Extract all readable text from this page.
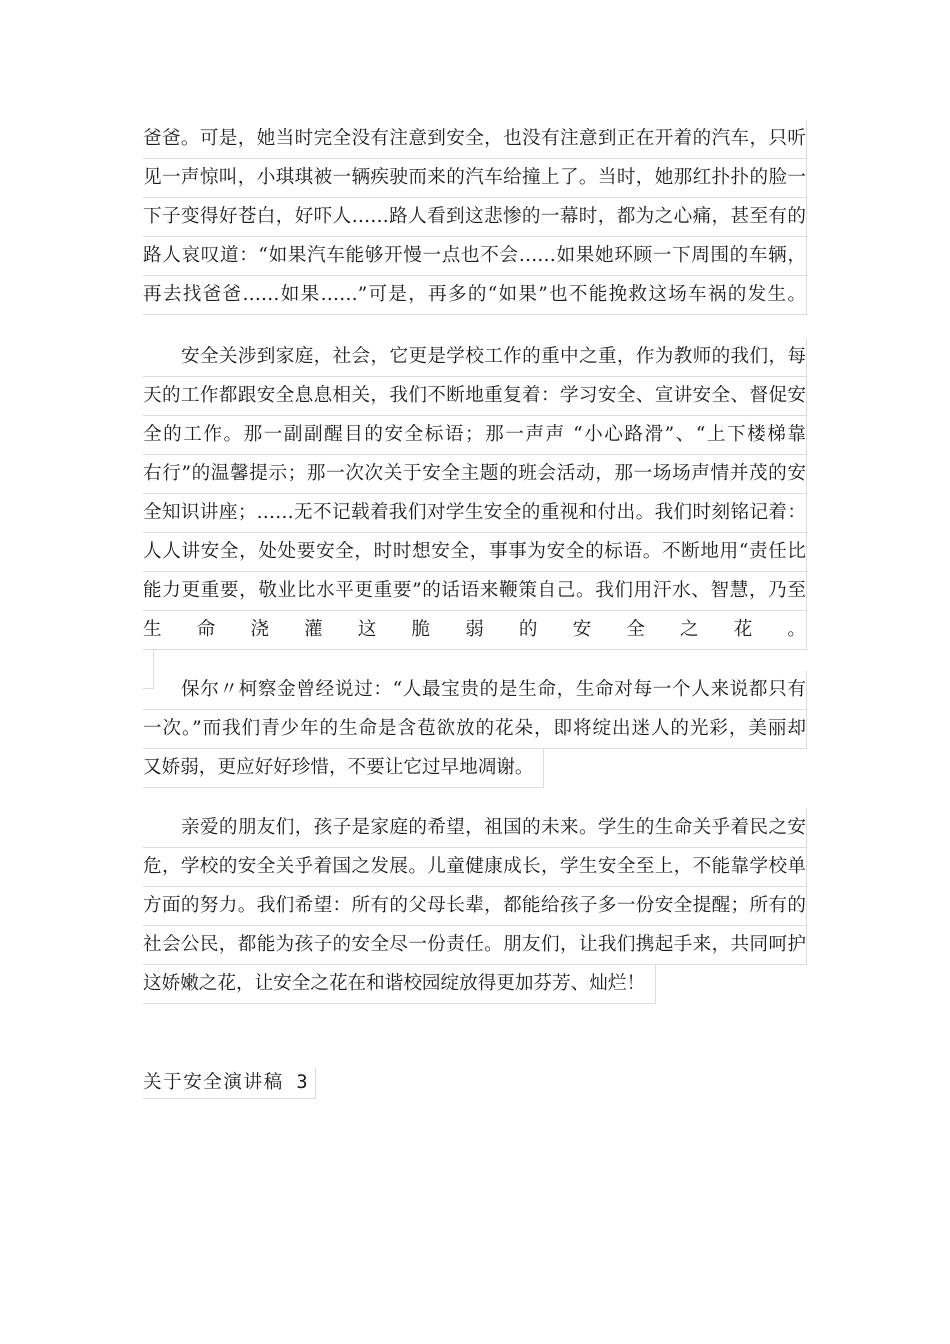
爸爸。可是，她当时完全没有注意到安全，也没有注意到正在开着的汽车，只听
见一声惊叫，小琪琪被一辆疾驶而来的汽车给撞上了。当时，她那红扑扑的脸一
下子变得好苍白，好吓人……路人看到这悲惨的一幕时，都为之心痛，甚至有的
路人哀叹道：“如果汽车能够开慢一点也不会……如果她环顾一下周围的车辆，
再去找爸爸……如果……”可是，再多的“如果”也不能挽救这场车祸的发生。
安全关涉到家庭，社会，它更是学校工作的重中之重，作为教师的我们，每
天的工作都跟安全息息相关，我们不断地重复着：学习安全、宣讲安全、督促安
全的工作。那一副副醒目的安全标语；那一声声 “小心路滑”、“上下楼梯靠
右行”的温馨提示；那一次次关于安全主题的班会活动，那一场场声情并茂的安
全知识讲座；……无不记载着我们对学生安全的重视和付出。我们时刻铭记着：
人人讲安全，处处要安全，时时想安全，事事为安全的标语。不断地用“责任比
能力更重要，敬业比水平更重要”的话语来鞭策自己。我们用汗水、智慧，乃至
生命浇灌这脆弱的安全之花。
保尔〃柯察金曾经说过：“人最宝贵的是生命，生命对每一个人来说都只有
一次。”而我们青少年的生命是含苞欲放的花朵，即将绽出迷人的光彩，美丽却
又娇弱，更应好好珍惜，不要让它过早地凋谢。
亲爱的朋友们，孩子是家庭的希望，祖国的未来。学生的生命关乎着民之安
危，学校的安全关乎着国之发展。儿童健康成长，学生安全至上，不能靠学校单
方面的努力。我们希望：所有的父母长辈，都能给孩子多一份安全提醒；所有的
社会公民，都能为孩子的安全尽一份责任。朋友们，让我们携起手来，共同呵护
这娇嫩之花，让安全之花在和谐校园绽放得更加芬芳、灿烂！
关于安全演讲稿 3
